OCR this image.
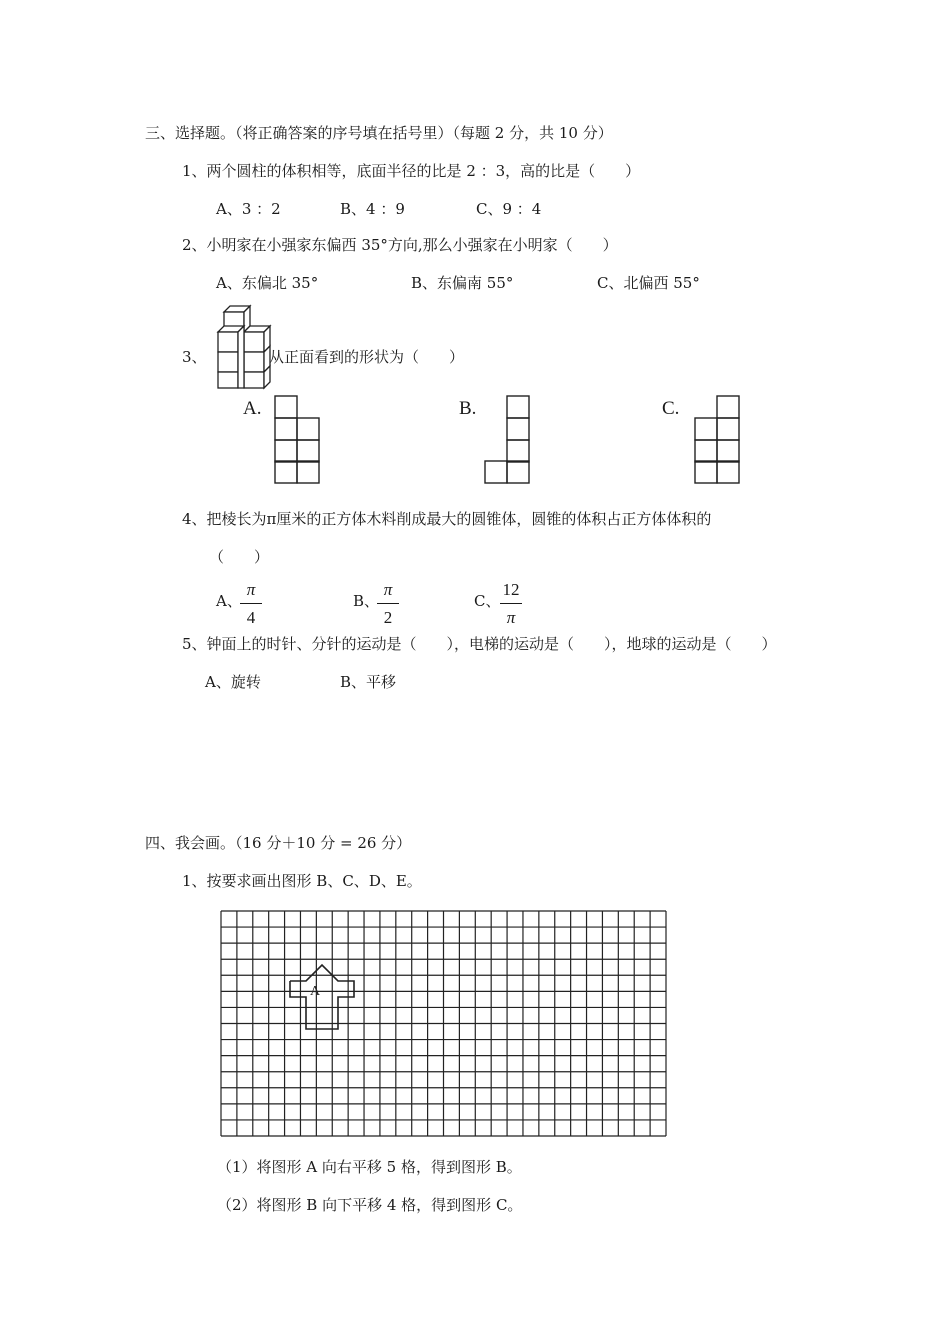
三、选择题。（将正确答案的序号填在括号里）（每题 2 分，共 10 分）
1、两个圆柱的体积相等，底面半径的比是 2 ：3，高的比是（　　）
A、3 ：2	B、4 ：9	C、9 ：4
2、小明家在小强家东偏西 35°方向,那么小强家在小明家（　　）
A、东偏北 35°	B、东偏南 55°	C、北偏西 55°
3、	从正面看到的形状为（　　）
A.	B.	C.
4、把棱长为π厘米的正方体木料削成最大的圆锥体，圆锥的体积占正方体体积的
（　　）
A、
π
4
B、
π
2
C、
12
π
5、钟面上的时针、分针的运动是（　　），电梯的运动是（　　），地球的运动是（　　）
A、旋转	B、平移
四、我会画。（16 分＋10 分 = 26 分）
1、按要求画出图形 B、C、D、E。
A
（1）将图形 A 向右平移 5 格，得到图形 B。
（2）将图形 B 向下平移 4 格，得到图形 C。
